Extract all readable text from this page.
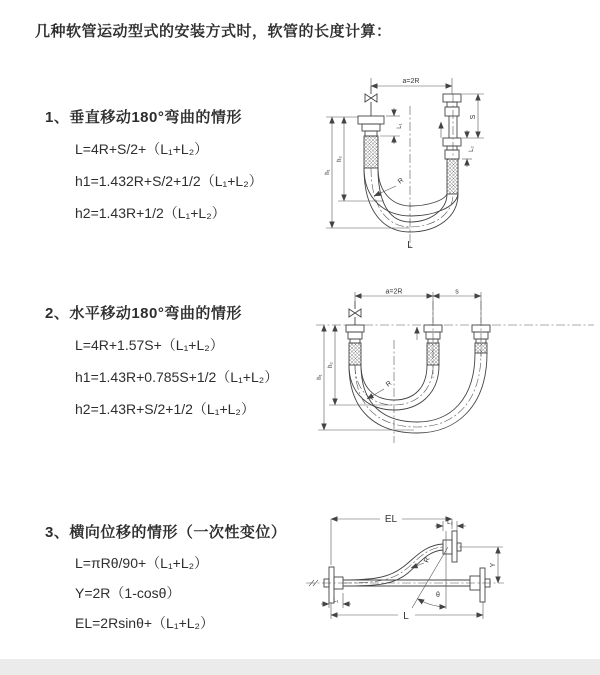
几种软管运动型式的安装方式时，软管的长度计算：
1、垂直移动180°弯曲的情形
L=4R+S/2+（L₁+L₂）
h1=1.432R+S/2+1/2（L₁+L₂）
h2=1.43R+1/2（L₁+L₂）
2、水平移动180°弯曲的情形
L=4R+1.57S+（L₁+L₂）
h1=1.43R+0.785S+1/2（L₁+L₂）
h2=1.43R+S/2+1/2（L₁+L₂）
3、横向位移的情形（一次性变位）
L=πRθ/90+（L₁+L₂）
Y=2R（1-cosθ）
EL=2Rsinθ+（L₁+L₂）
a=2R
R
L
h₁
h₂
L₁
S
L₂
a=2R	s
R
h₁
h₂
EL	L₂
θ
R
Y
L₁
L
